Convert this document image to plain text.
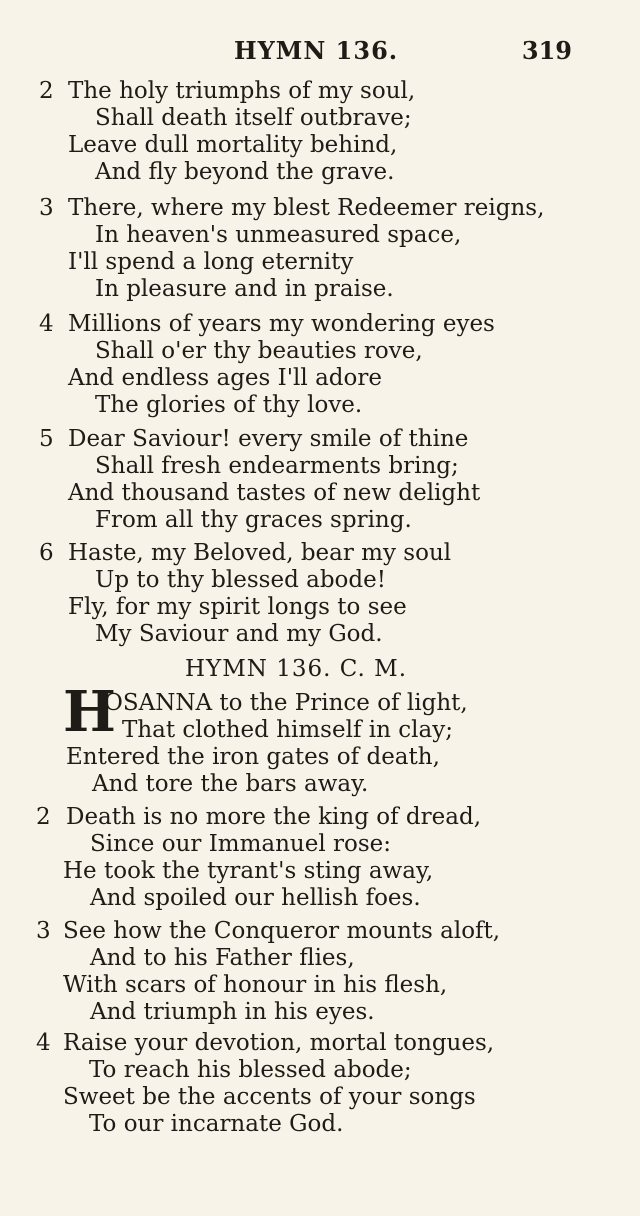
HYMN 136.	319
2 The holy triumphs of my soul,
Shall death itself outbrave;
Leave dull mortality behind,
And fly beyond the grave.
3 There, where my blest Redeemer reigns,
In heaven's unmeasured space,
I'll spend a long eternity
In pleasure and in praise.
4 Millions of years my wondering eyes
Shall o'er thy beauties rove,
And endless ages I'll adore
The glories of thy love.
5 Dear Saviour! every smile of thine
Shall fresh endearments bring;
And thousand tastes of new delight
From all thy graces spring.
6 Haste, my Beloved, bear my soul
Up to thy blessed abode!
Fly, for my spirit longs to see
My Saviour and my God.
HYMN 136. C. M.
H
OSANNA to the Prince of light,
That clothed himself in clay;
Entered the iron gates of death,
And tore the bars away.
2 Death is no more the king of dread,
Since our Immanuel rose:
He took the tyrant's sting away,
And spoiled our hellish foes.
3 See how the Conqueror mounts aloft,
And to his Father flies,
With scars of honour in his flesh,
And triumph in his eyes.
4 Raise your devotion, mortal tongues,
To reach his blessed abode;
Sweet be the accents of your songs
To our incarnate God.
